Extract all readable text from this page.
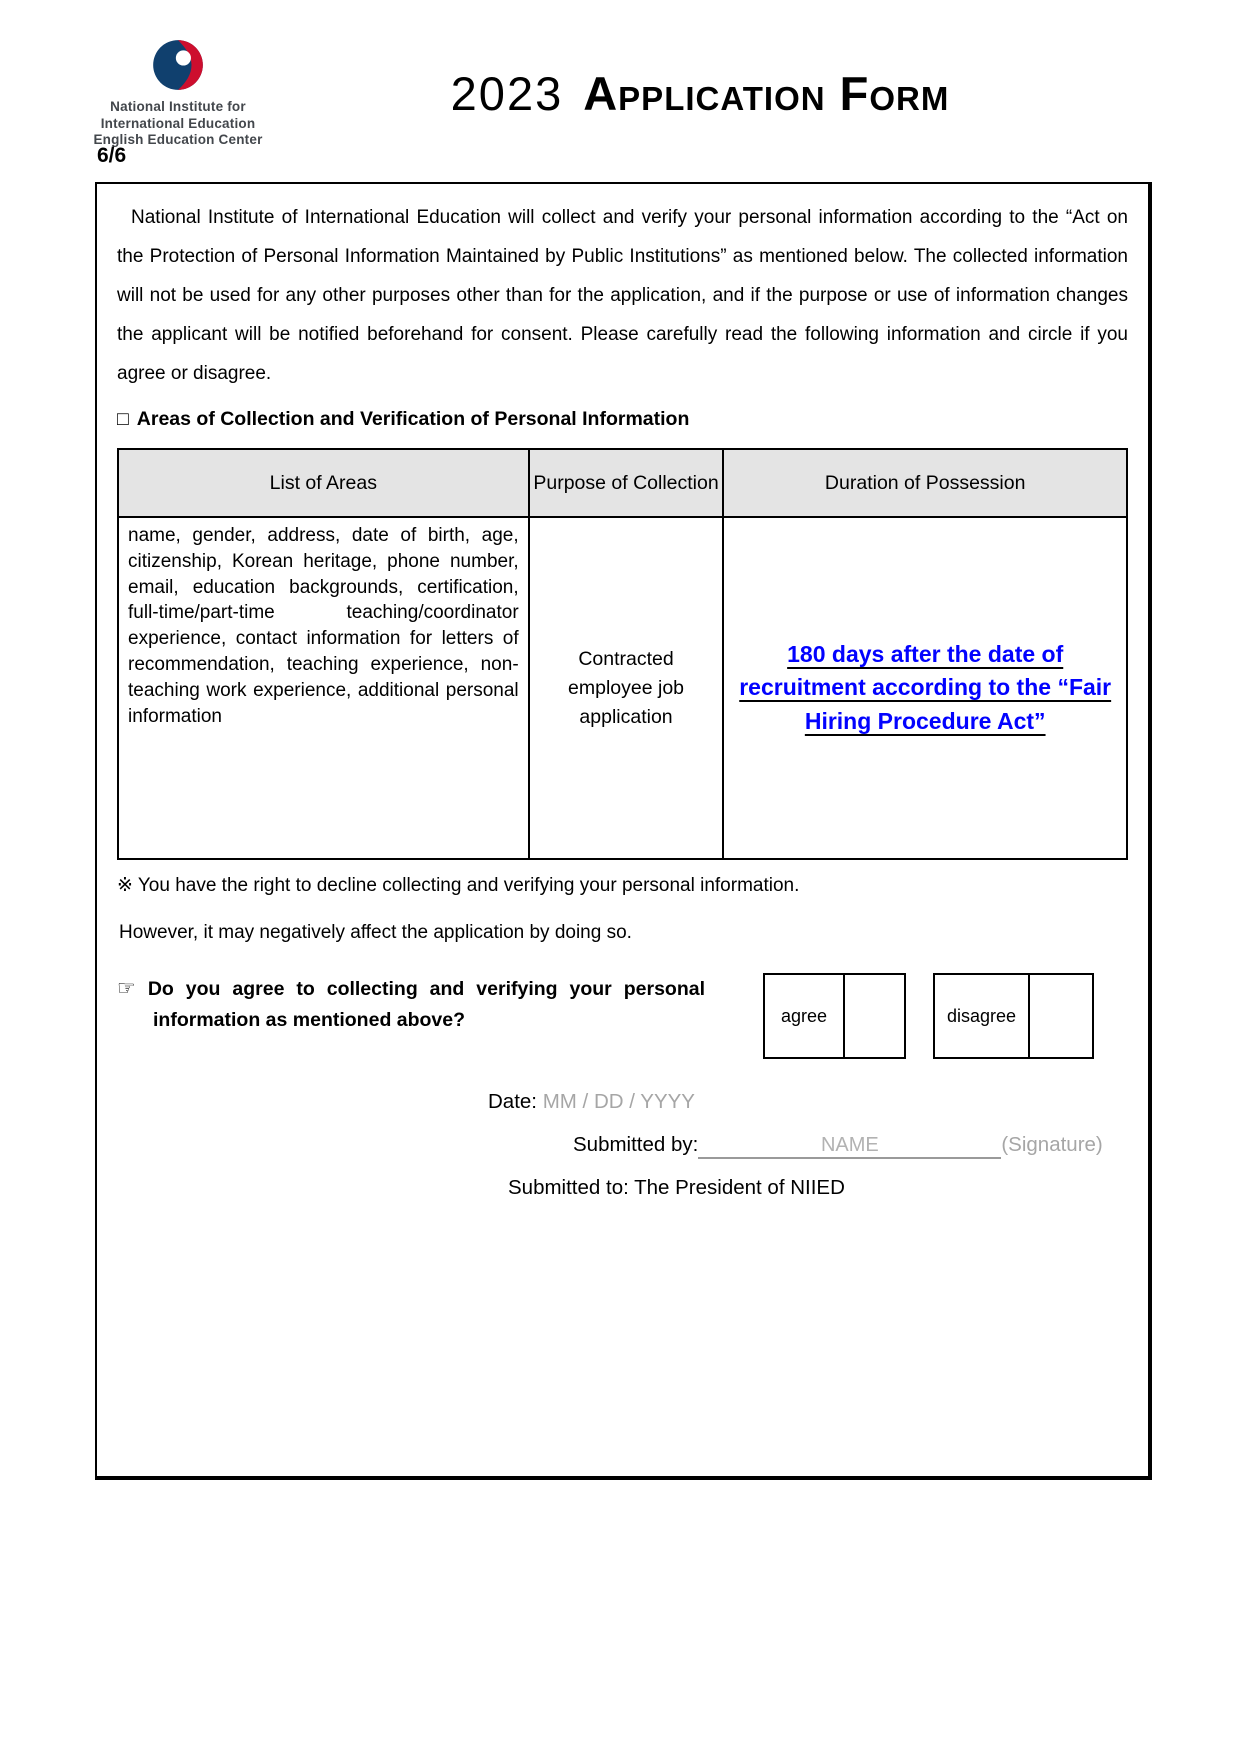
National Institute for
International Education
English Education Center
2023 Application Form
6/6

National Institute of International Education will collect and verify your personal information according to the “Act on the Protection of Personal Information Maintained by Public Institutions” as mentioned below. The collected information will not be used for any other purposes other than for the application, and if the purpose or use of information changes the applicant will be notified beforehand for consent. Please carefully read the following information and circle if you agree or disagree.

□ Areas of Collection and Verification of Personal Information
List of Areas	Purpose of Collection	Duration of Possession
name, gender, address, date of birth, age, citizenship, Korean heritage, phone number, email, education backgrounds, certification, full-time/part-time teaching/coordinator experience, contact information for letters of recommendation, teaching experience, non-teaching work experience, additional personal information	Contracted employee job application	180 days after the date of recruitment according to the “Fair Hiring Procedure Act”

※ You have the right to decline collecting and verifying your personal information.

However, it may negatively affect the application by doing so.

☞ Do you agree to collecting and verifying your personal information as mentioned above?	agree	disagree

Date: MM / DD / YYYY

Submitted by:	NAME	(Signature)

Submitted to: The President of NIIED
